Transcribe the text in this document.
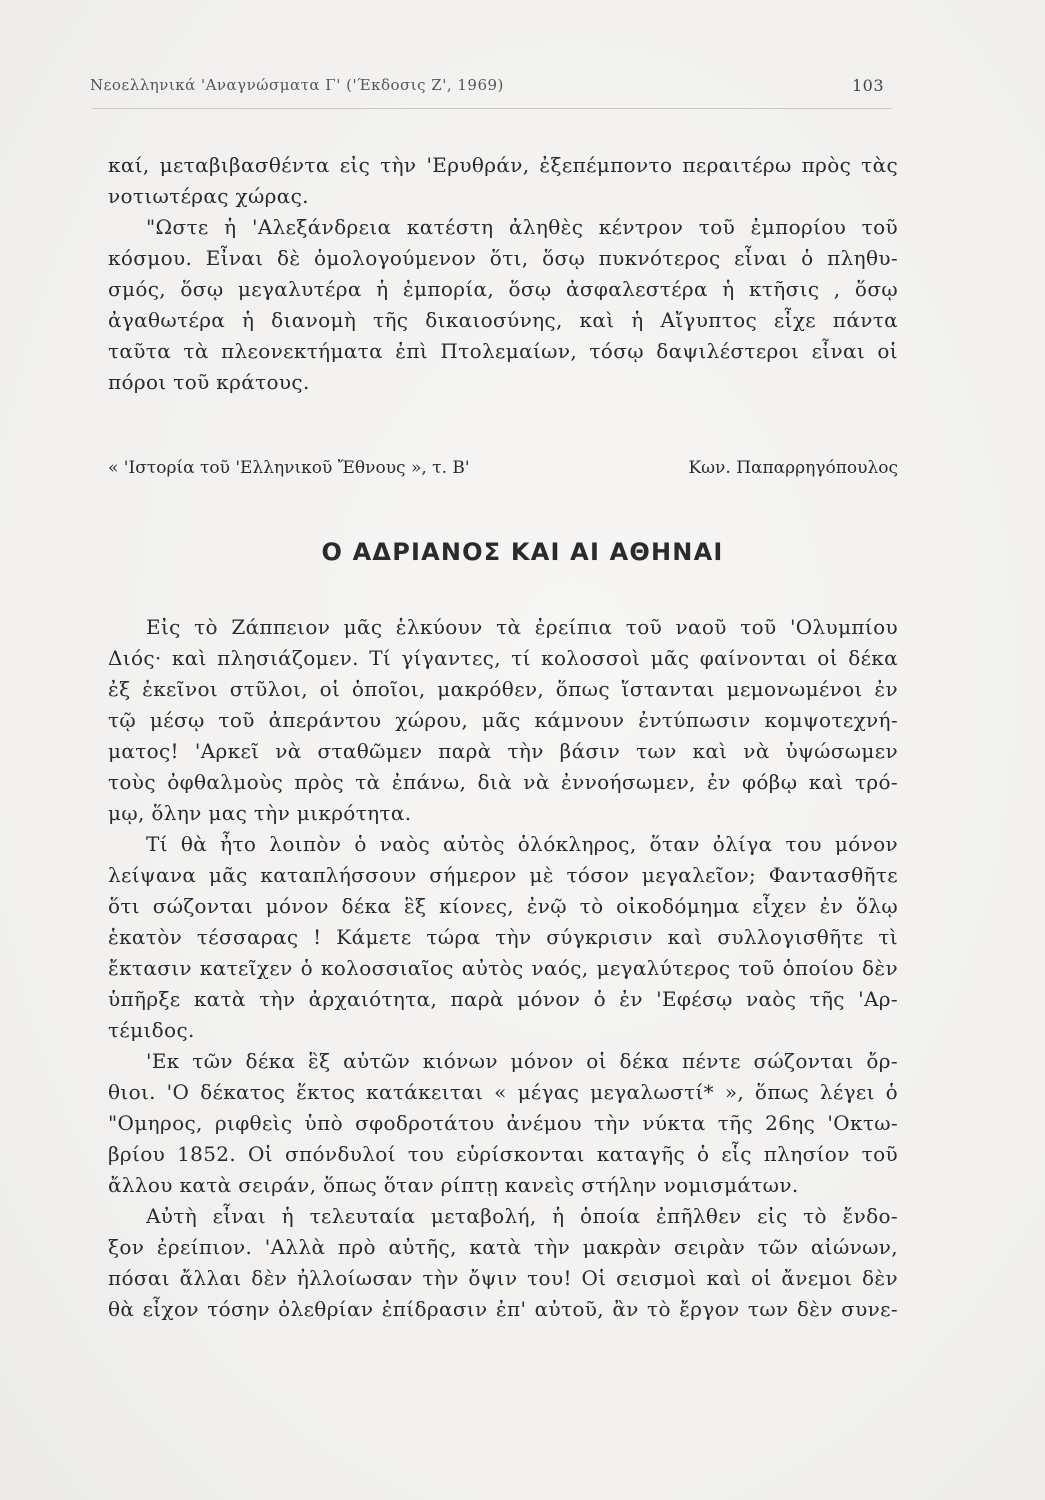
Νεοελληνικά 'Αναγνώσματα Γ' ('Έκδοσις Ζ', 1969)	103
καί, μεταβιβασθέντα εἰς τὴν 'Ερυθράν, ἐξεπέμποντο περαιτέρω πρὸς τὰς
νοτιωτέρας χώρας.
"Ωστε ἡ 'Αλεξάνδρεια κατέστη ἀληθὲς κέντρον τοῦ ἐμπορίου τοῦ
κόσμου. Εἶναι δὲ ὁμολογούμενον ὅτι, ὅσῳ πυκνότερος εἶναι ὁ πληθυ-
σμός, ὅσῳ μεγαλυτέρα ἡ ἐμπορία, ὅσῳ ἀσφαλεστέρα ἡ κτῆσις , ὅσῳ
ἀγαθωτέρα ἡ διανομὴ τῆς δικαιοσύνης, καὶ ἡ Αἴγυπτος εἶχε πάντα
ταῦτα τὰ πλεονεκτήματα ἐπὶ Πτολεμαίων, τόσῳ δαψιλέστεροι εἶναι οἱ
πόροι τοῦ κράτους.
« 'Ιστορία τοῦ 'Ελληνικοῦ Ἔθνους », τ. Β'	Κων. Παπαρρηγόπουλος
Ο ΑΔΡΙΑΝΟΣ ΚΑΙ ΑΙ ΑΘΗΝΑΙ
Εἰς τὸ Ζάππειον μᾶς ἑλκύουν τὰ ἐρείπια τοῦ ναοῦ τοῦ 'Ολυμπίου
Διός· καὶ πλησιάζομεν. Τί γίγαντες, τί κολοσσοὶ μᾶς φαίνονται οἱ δέκα
ἐξ ἐκεῖνοι στῦλοι, οἱ ὁποῖοι, μακρόθεν, ὅπως ἵστανται μεμονωμένοι ἐν
τῷ μέσῳ τοῦ ἀπεράντου χώρου, μᾶς κάμνουν ἐντύπωσιν κομψοτεχνή-
ματος! 'Αρκεῖ νὰ σταθῶμεν παρὰ τὴν βάσιν των καὶ νὰ ὑψώσωμεν
τοὺς ὀφθαλμοὺς πρὸς τὰ ἐπάνω, διὰ νὰ ἐννοήσωμεν, ἐν φόβῳ καὶ τρό-
μῳ, ὅλην μας τὴν μικρότητα.
Τί θὰ ἦτο λοιπὸν ὁ ναὸς αὐτὸς ὁλόκληρος, ὅταν ὀλίγα του μόνον
λείψανα μᾶς καταπλήσσουν σήμερον μὲ τόσον μεγαλεῖον; Φαντασθῆτε
ὅτι σώζονται μόνον δέκα ἓξ κίονες, ἐνῷ τὸ οἰκοδόμημα εἶχεν ἐν ὅλῳ
ἑκατὸν τέσσαρας ! Κάμετε τώρα τὴν σύγκρισιν καὶ συλλογισθῆτε τὶ
ἔκτασιν κατεῖχεν ὁ κολοσσιαῖος αὐτὸς ναός, μεγαλύτερος τοῦ ὁποίου δὲν
ὑπῆρξε κατὰ τὴν ἀρχαιότητα, παρὰ μόνον ὁ ἐν 'Εφέσῳ ναὸς τῆς 'Αρ-
τέμιδος.
'Εκ τῶν δέκα ἓξ αὐτῶν κιόνων μόνον οἱ δέκα πέντε σώζονται ὄρ-
θιοι. 'Ο δέκατος ἕκτος κατάκειται « μέγας μεγαλωστί* », ὅπως λέγει ὁ
"Ομηρος, ριφθεὶς ὑπὸ σφοδροτάτου ἀνέμου τὴν νύκτα τῆς 26ης 'Οκτω-
βρίου 1852. Οἱ σπόνδυλοί του εὑρίσκονται καταγῆς ὁ εἷς πλησίον τοῦ
ἄλλου κατὰ σειράν, ὅπως ὅταν ρίπτῃ κανεὶς στήλην νομισμάτων.
Αὐτὴ εἶναι ἡ τελευταία μεταβολή, ἡ ὁποία ἐπῆλθεν εἰς τὸ ἔνδο-
ξον ἐρείπιον. 'Αλλὰ πρὸ αὐτῆς, κατὰ τὴν μακρὰν σειρὰν τῶν αἰώνων,
πόσαι ἄλλαι δὲν ἠλλοίωσαν τὴν ὄψιν του! Οἱ σεισμοὶ καὶ οἱ ἄνεμοι δὲν
θὰ εἶχον τόσην ὀλεθρίαν ἐπίδρασιν ἐπ' αὐτοῦ, ἂν τὸ ἔργον των δὲν συνε-
